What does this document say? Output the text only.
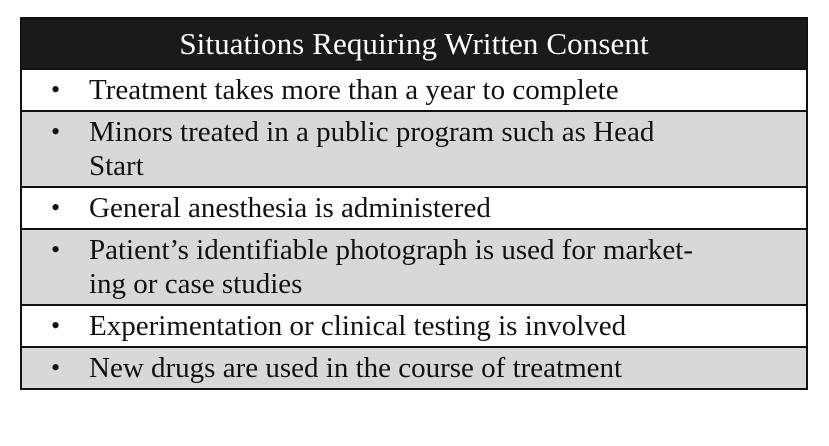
Situations Requiring Written Consent
• Treatment takes more than a year to complete
• Minors treated in a public program such as Head
Start
• General anesthesia is administered
• Patient’s identifiable photograph is used for market-
ing or case studies
• Experimentation or clinical testing is involved
• New drugs are used in the course of treatment
